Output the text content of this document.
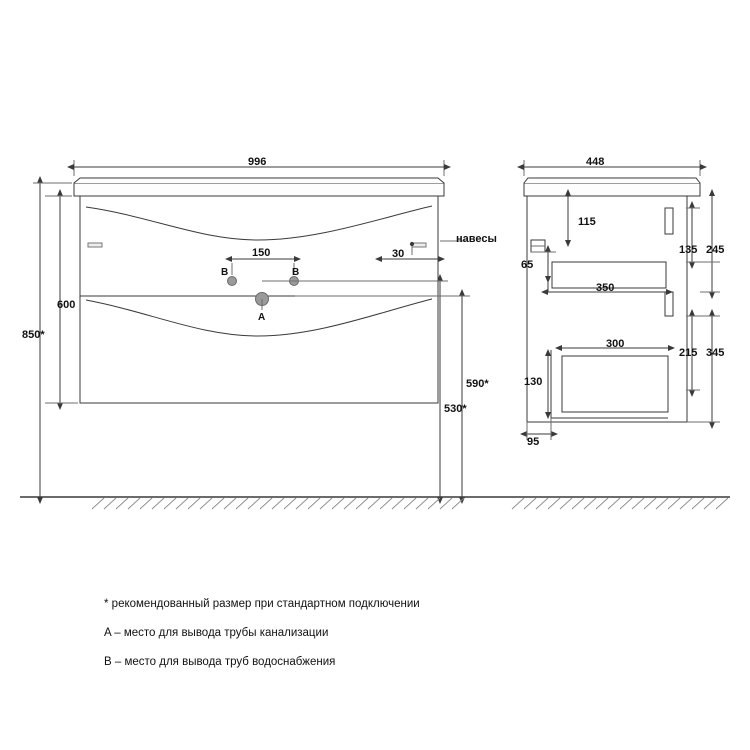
996
600
850*
150	30
B	B
A
навесы
590*
530*
448
115
65
135 245
350
300
130
215 345
95
* рекомендованный размер при стандартном подключении
A – место для вывода трубы канализации
B – место для вывода труб водоснабжения
